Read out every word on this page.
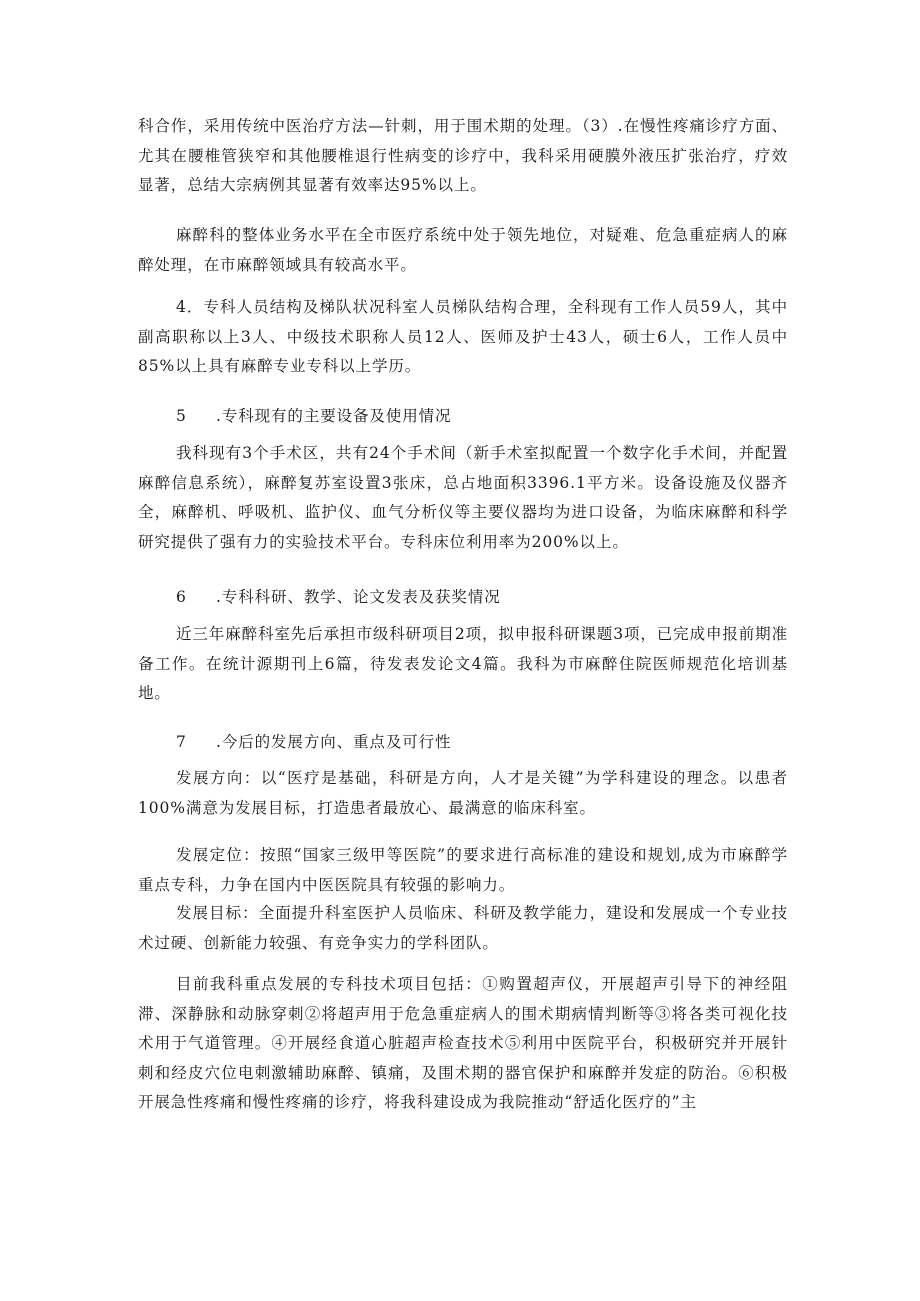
科合作，采用传统中医治疗方法—针刺，用于围术期的处理。（3）.在慢性疼痛诊疗方面、尤其在腰椎管狭窄和其他腰椎退行性病变的诊疗中，我科采用硬膜外液压扩张治疗，疗效显著，总结大宗病例其显著有效率达95%以上。

麻醉科的整体业务水平在全市医疗系统中处于领先地位，对疑难、危急重症病人的麻醉处理，在市麻醉领域具有较高水平。

4．专科人员结构及梯队状况科室人员梯队结构合理，全科现有工作人员59人，其中副高职称以上3人、中级技术职称人员12人、医师及护士43人，硕士6人，工作人员中85%以上具有麻醉专业专科以上学历。

5 .专科现有的主要设备及使用情况

我科现有3个手术区，共有24个手术间（新手术室拟配置一个数字化手术间，并配置麻醉信息系统），麻醉复苏室设置3张床，总占地面积3396.1平方米。设备设施及仪器齐全，麻醉机、呼吸机、监护仪、血气分析仪等主要仪器均为进口设备，为临床麻醉和科学研究提供了强有力的实验技术平台。专科床位利用率为200%以上。

6 .专科科研、教学、论文发表及获奖情况

近三年麻醉科室先后承担市级科研项目2项，拟申报科研课题3项，已完成申报前期准备工作。在统计源期刊上6篇，待发表发论文4篇。我科为市麻醉住院医师规范化培训基地。

7 .今后的发展方向、重点及可行性

发展方向：以“医疗是基础，科研是方向，人才是关键”为学科建设的理念。以患者100%满意为发展目标，打造患者最放心、最满意的临床科室。

发展定位：按照“国家三级甲等医院”的要求进行高标准的建设和规划,成为市麻醉学重点专科，力争在国内中医医院具有较强的影响力。

发展目标：全面提升科室医护人员临床、科研及教学能力，建设和发展成一个专业技术过硬、创新能力较强、有竞争实力的学科团队。

目前我科重点发展的专科技术项目包括：①购置超声仪，开展超声引导下的神经阻滞、深静脉和动脉穿刺②将超声用于危急重症病人的围术期病情判断等③将各类可视化技术用于气道管理。④开展经食道心脏超声检查技术⑤利用中医院平台，积极研究并开展针刺和经皮穴位电刺激辅助麻醉、镇痛，及围术期的器官保护和麻醉并发症的防治。⑥积极开展急性疼痛和慢性疼痛的诊疗，将我科建设成为我院推动“舒适化医疗的”主
